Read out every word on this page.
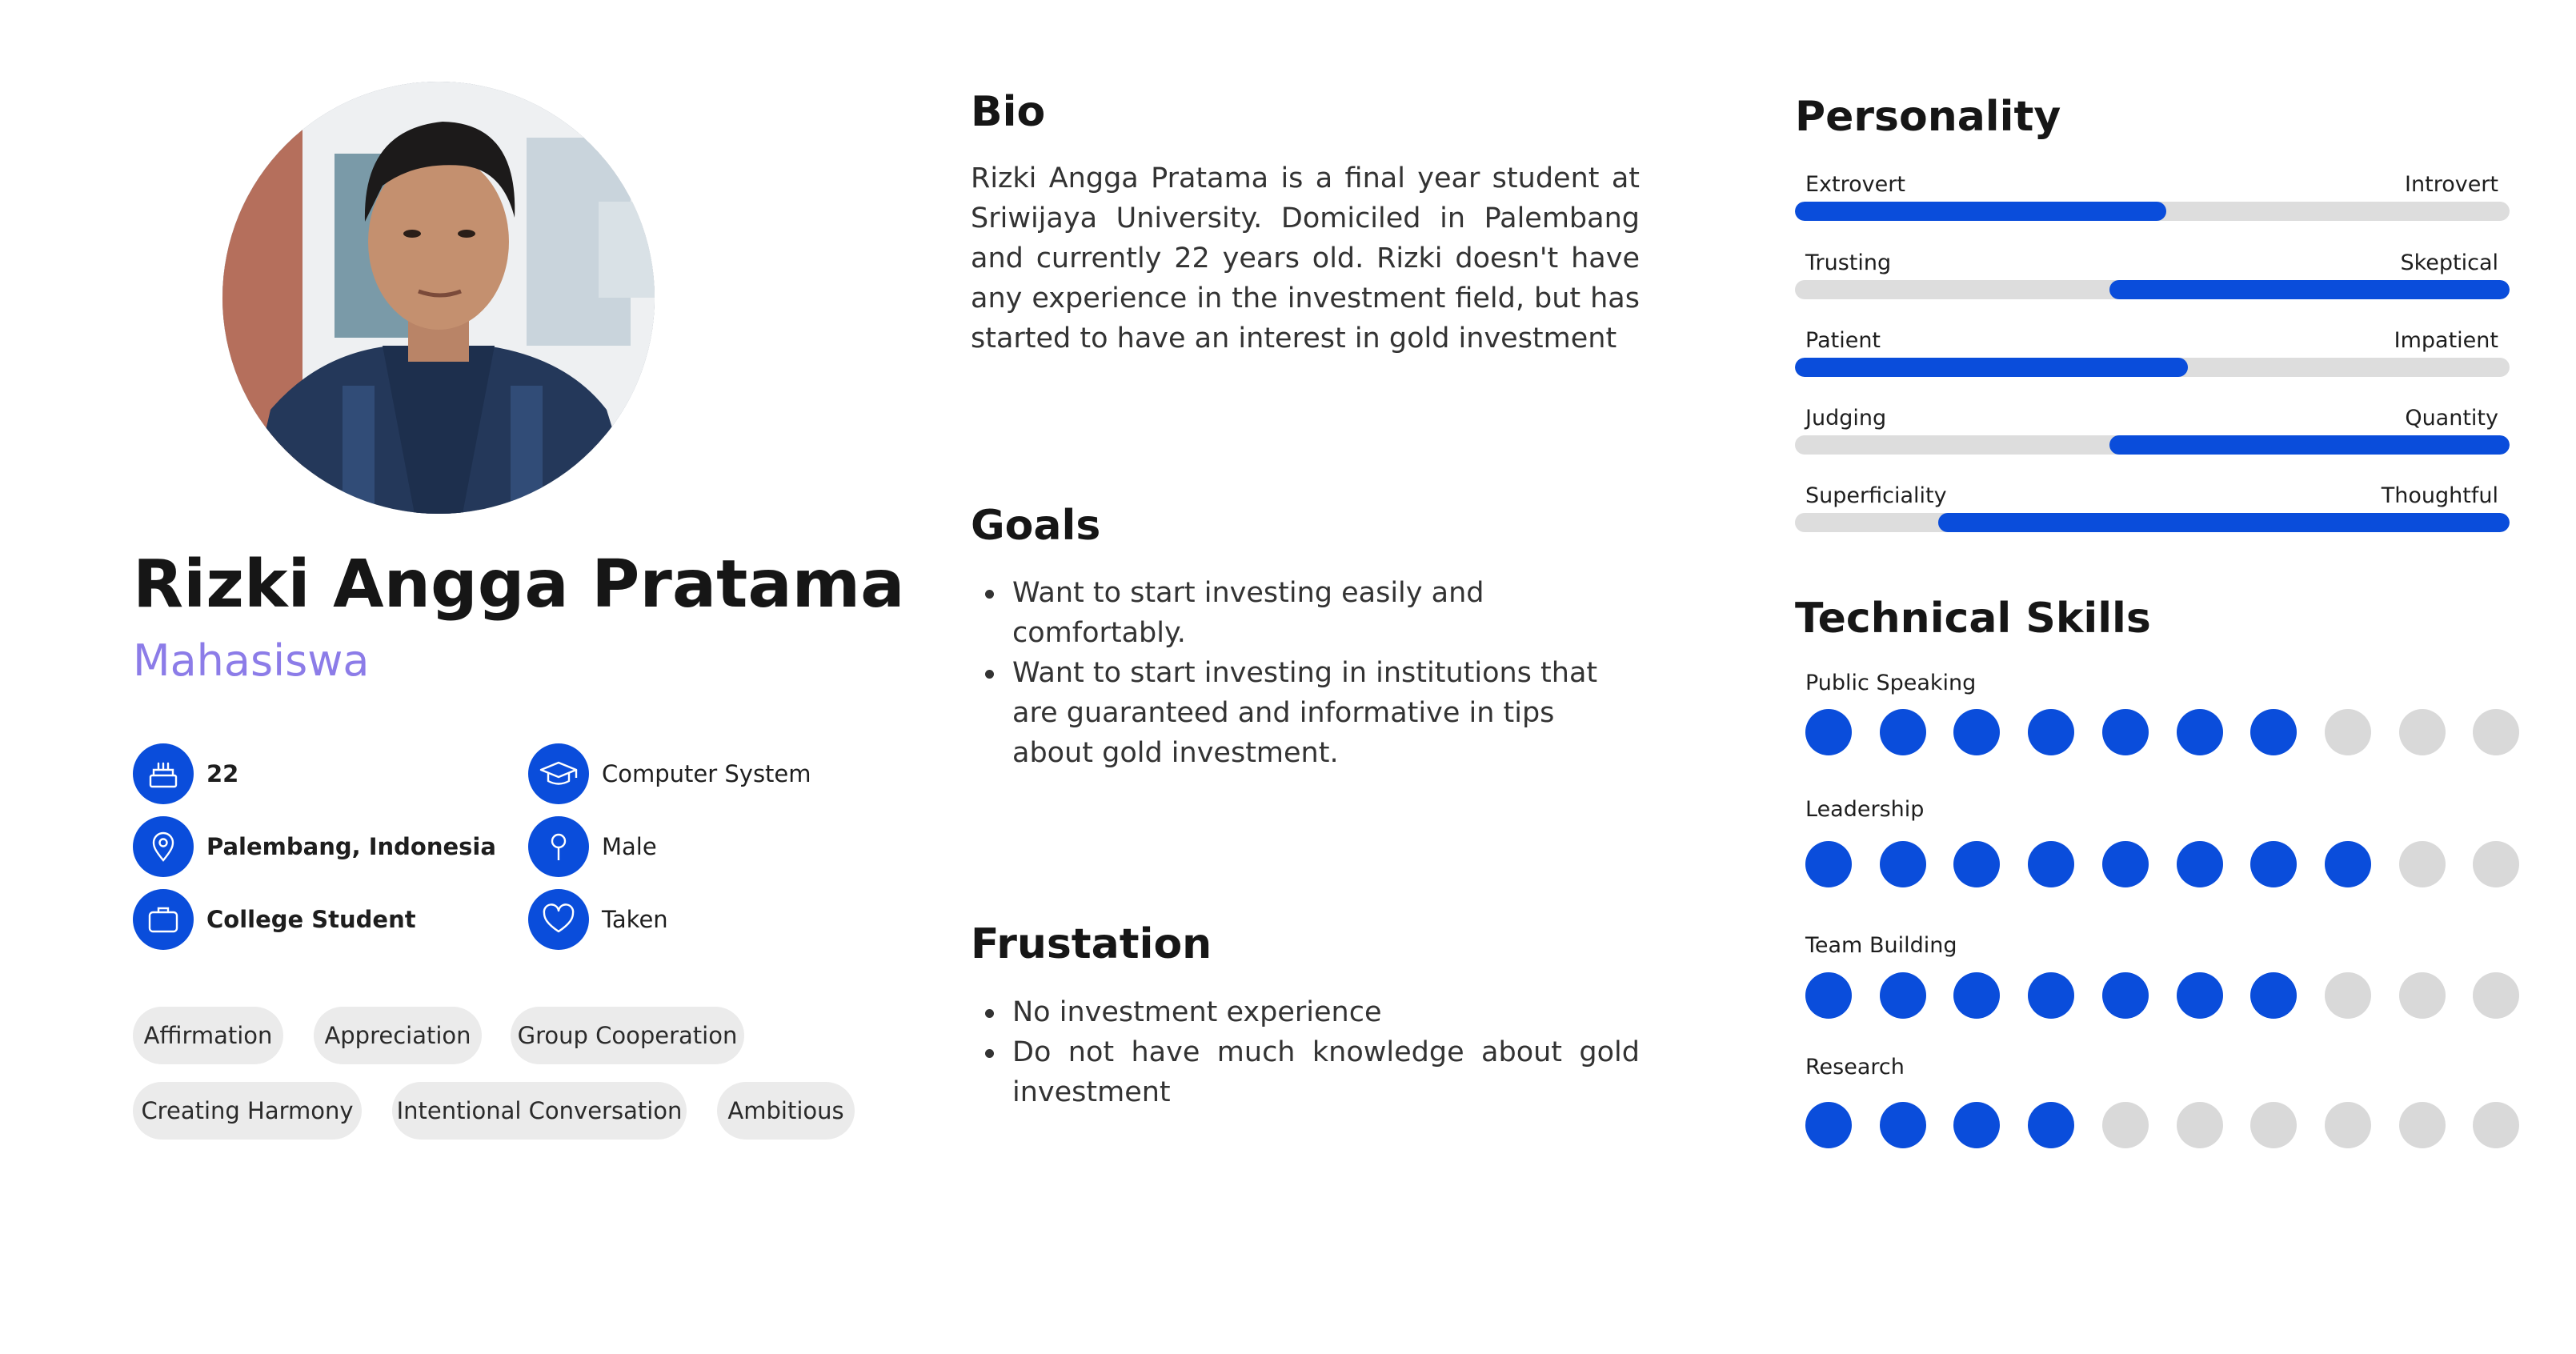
Rizki Angga Pratama
Mahasiswa
22
Palembang, Indonesia
College Student
Computer System
Male
Taken
Affirmation	Appreciation	Group Cooperation
Creating Harmony	Intentional Conversation	Ambitious
Bio
Rizki Angga Pratama is a final year student at Sriwijaya University. Domiciled in Palembang and currently 22 years old. Rizki doesn't have any experience in the investment field, but has started to have an interest in gold investment
Goals
Want to start investing easily and comfortably.
Want to start investing in institutions that are guaranteed and informative in tips about gold investment.
Frustation
No investment experience
Do not have much knowledge about gold investment
Personality
Extrovert	Introvert
Trusting	Skeptical
Patient	Impatient
Judging	Quantity
Superficiality	Thoughtful
Technical Skills
Public Speaking
Leadership
Team Building
Research
